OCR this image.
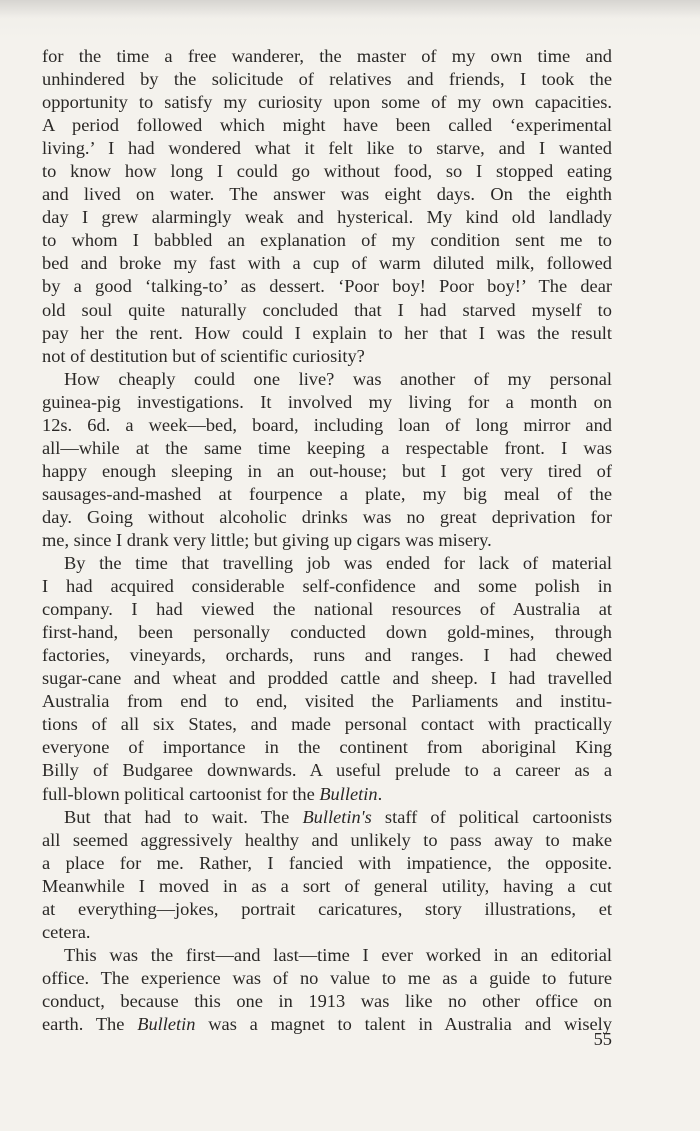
for the time a free wanderer, the master of my own time and
unhindered by the solicitude of relatives and friends, I took the
opportunity to satisfy my curiosity upon some of my own capacities.
A period followed which might have been called ‘experimental
living.’ I had wondered what it felt like to starve, and I wanted
to know how long I could go without food, so I stopped eating
and lived on water. The answer was eight days. On the eighth
day I grew alarmingly weak and hysterical. My kind old landlady
to whom I babbled an explanation of my condition sent me to
bed and broke my fast with a cup of warm diluted milk, followed
by a good ‘talking-to’ as dessert. ‘Poor boy! Poor boy!’ The dear
old soul quite naturally concluded that I had starved myself to
pay her the rent. How could I explain to her that I was the result
not of destitution but of scientific curiosity?
How cheaply could one live? was another of my personal
guinea-pig investigations. It involved my living for a month on
12s. 6d. a week—bed, board, including loan of long mirror and
all—while at the same time keeping a respectable front. I was
happy enough sleeping in an out-house; but I got very tired of
sausages-and-mashed at fourpence a plate, my big meal of the
day. Going without alcoholic drinks was no great deprivation for
me, since I drank very little; but giving up cigars was misery.
By the time that travelling job was ended for lack of material
I had acquired considerable self-confidence and some polish in
company. I had viewed the national resources of Australia at
first-hand, been personally conducted down gold-mines, through
factories, vineyards, orchards, runs and ranges. I had chewed
sugar-cane and wheat and prodded cattle and sheep. I had travelled
Australia from end to end, visited the Parliaments and institu-
tions of all six States, and made personal contact with practically
everyone of importance in the continent from aboriginal King
Billy of Budgaree downwards. A useful prelude to a career as a
full-blown political cartoonist for the Bulletin.
But that had to wait. The Bulletin's staff of political cartoonists
all seemed aggressively healthy and unlikely to pass away to make
a place for me. Rather, I fancied with impatience, the opposite.
Meanwhile I moved in as a sort of general utility, having a cut
at everything—jokes, portrait caricatures, story illustrations, et
cetera.
This was the first—and last—time I ever worked in an editorial
office. The experience was of no value to me as a guide to future
conduct, because this one in 1913 was like no other office on
earth. The Bulletin was a magnet to talent in Australia and wisely
55
